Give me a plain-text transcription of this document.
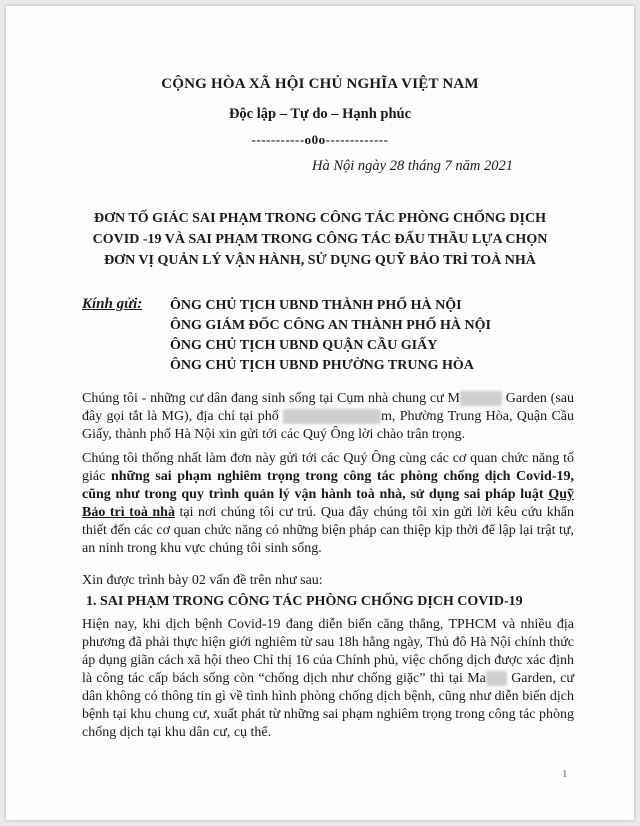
CỘNG HÒA XÃ HỘI CHỦ NGHĨA VIỆT NAM
Độc lập – Tự do – Hạnh phúc
-----------o0o-------------
Hà Nội ngày 28 tháng 7 năm 2021
ĐƠN TỐ GIÁC SAI PHẠM TRONG CÔNG TÁC PHÒNG CHỐNG DỊCH
COVID -19 VÀ SAI PHẠM TRONG CÔNG TÁC ĐẤU THẦU LỰA CHỌN
ĐƠN VỊ QUẢN LÝ VẬN HÀNH, SỬ DỤNG QUỸ BẢO TRÌ TOÀ NHÀ
Kính gửi: ÔNG CHỦ TỊCH UBND THÀNH PHỐ HÀ NỘI
ÔNG GIÁM ĐỐC CÔNG AN THÀNH PHỐ HÀ NỘI
ÔNG CHỦ TỊCH UBND QUẬN CẦU GIẤY
ÔNG CHỦ TỊCH UBND PHƯỜNG TRUNG HÒA
Chúng tôi - những cư dân đang sinh sống tại Cụm nhà chung cư M	Garden (sau đây gọi tắt là MG), địa chỉ tại phố	m, Phường Trung Hòa, Quận Cầu Giấy, thành phố Hà Nội xin gửi tới các Quý Ông lời chào trân trọng.
Chúng tôi thống nhất làm đơn này gửi tới các Quý Ông cùng các cơ quan chức năng tố giác những sai phạm nghiêm trọng trong công tác phòng chống dịch Covid-19, cũng như trong quy trình quản lý vận hành toà nhà, sử dụng sai pháp luật Quỹ Bảo trì toà nhà tại nơi chúng tôi cư trú. Qua đây chúng tôi xin gửi lời kêu cứu khẩn thiết đến các cơ quan chức năng có những biện pháp can thiệp kịp thời để lập lại trật tự, an ninh trong khu vực chúng tôi sinh sống.
Xin được trình bày 02 vấn đề trên như sau:
1. SAI PHẠM TRONG CÔNG TÁC PHÒNG CHỐNG DỊCH COVID-19
Hiện nay, khi dịch bệnh Covid-19 đang diễn biến căng thẳng, TPHCM và nhiều địa phương đã phải thực hiện giới nghiêm từ sau 18h hằng ngày, Thủ đô Hà Nội chính thức áp dụng giãn cách xã hội theo Chỉ thị 16 của Chính phủ, việc chống dịch được xác định là công tác cấp bách sống còn “chống dịch như chống giặc” thì tại Ma Garden, cư dân không có thông tin gì về tình hình phòng chống dịch bệnh, cũng như diễn biến dịch bệnh tại khu chung cư, xuất phát từ những sai phạm nghiêm trọng trong công tác phòng chống dịch tại khu dân cư, cụ thể.
1
